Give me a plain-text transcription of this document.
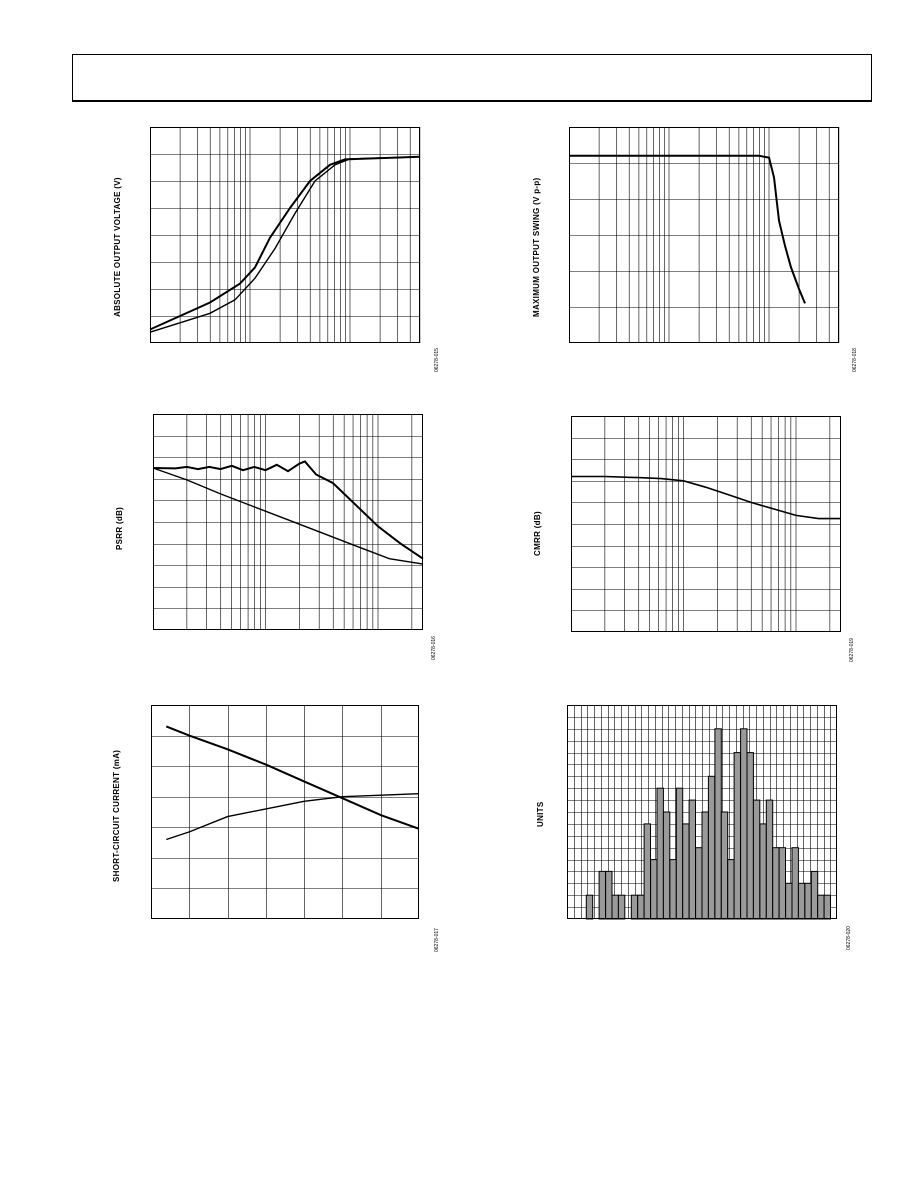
ABSOLUTE OUTPUT VOLTAGE (V)
06278-015
MAXIMUM OUTPUT SWING (V p-p)
06278-018
PSRR (dB)
06278-016
CMRR (dB)
06278-019
SHORT-CIRCUIT CURRENT (mA)
06278-017
UNITS
06278-020
